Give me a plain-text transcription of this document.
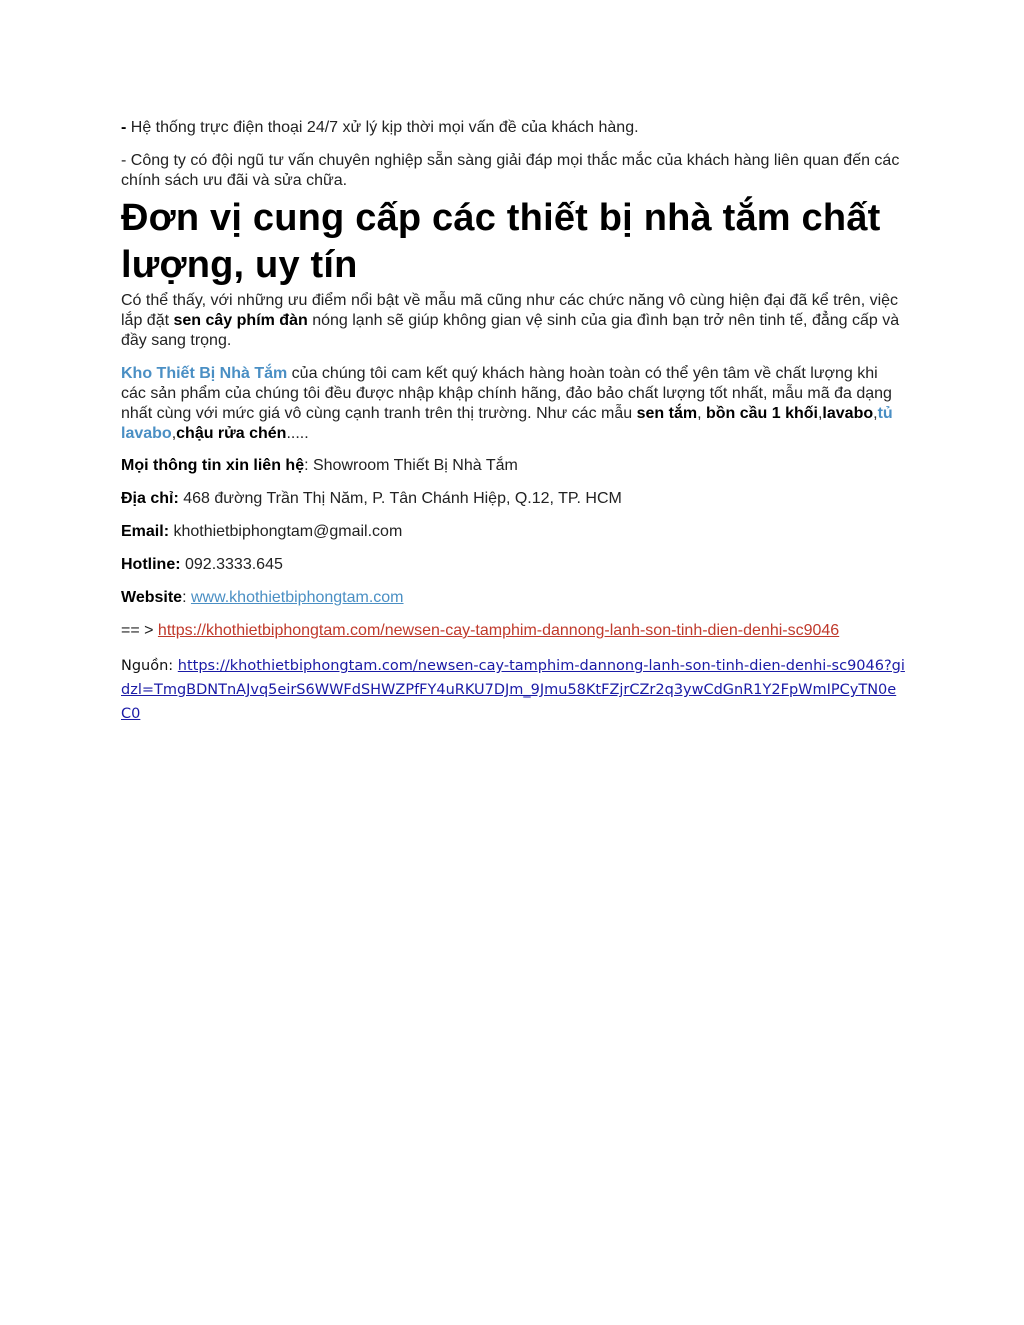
- Hệ thống trực điện thoại 24/7 xử lý kịp thời mọi vấn đề của khách hàng.

- Công ty có đội ngũ tư vấn chuyên nghiệp sẵn sàng giải đáp mọi thắc mắc của khách hàng liên quan đến các chính sách ưu đãi và sửa chữa.

Đơn vị cung cấp các thiết bị nhà tắm chất lượng, uy tín

Có thể thấy, với những ưu điểm nổi bật về mẫu mã cũng như các chức năng vô cùng hiện đại đã kể trên, việc lắp đặt sen cây phím đàn nóng lạnh sẽ giúp không gian vệ sinh của gia đình bạn trở nên tinh tế, đẳng cấp và đầy sang trọng.

Kho Thiết Bị Nhà Tắm của chúng tôi cam kết quý khách hàng hoàn toàn có thể yên tâm về chất lượng khi các sản phẩm của chúng tôi đều được nhập khập chính hãng, đảo bảo chất lượng tốt nhất, mẫu mã đa dạng nhất cùng với mức giá vô cùng cạnh tranh trên thị trường. Như các mẫu sen tắm, bồn cầu 1 khối,lavabo,tủ lavabo,chậu rửa chén.....

Mọi thông tin xin liên hệ: Showroom Thiết Bị Nhà Tắm

Địa chỉ: 468 đường Trần Thị Năm, P. Tân Chánh Hiệp, Q.12, TP. HCM

Email: khothietbiphongtam@gmail.com

Hotline: 092.3333.645

Website: www.khothietbiphongtam.com

== > https://khothietbiphongtam.com/newsen-cay-tamphim-dannong-lanh-son-tinh-dien-denhi-sc9046

Nguồn: https://khothietbiphongtam.com/newsen-cay-tamphim-dannong-lanh-son-tinh-dien-denhi-sc9046?gidzl=TmgBDNTnAJvq5eirS6WWFdSHWZPfFY4uRKU7DJm_9Jmu58KtFZjrCZr2q3ywCdGnR1Y2FpWmIPCyTN0eC0
